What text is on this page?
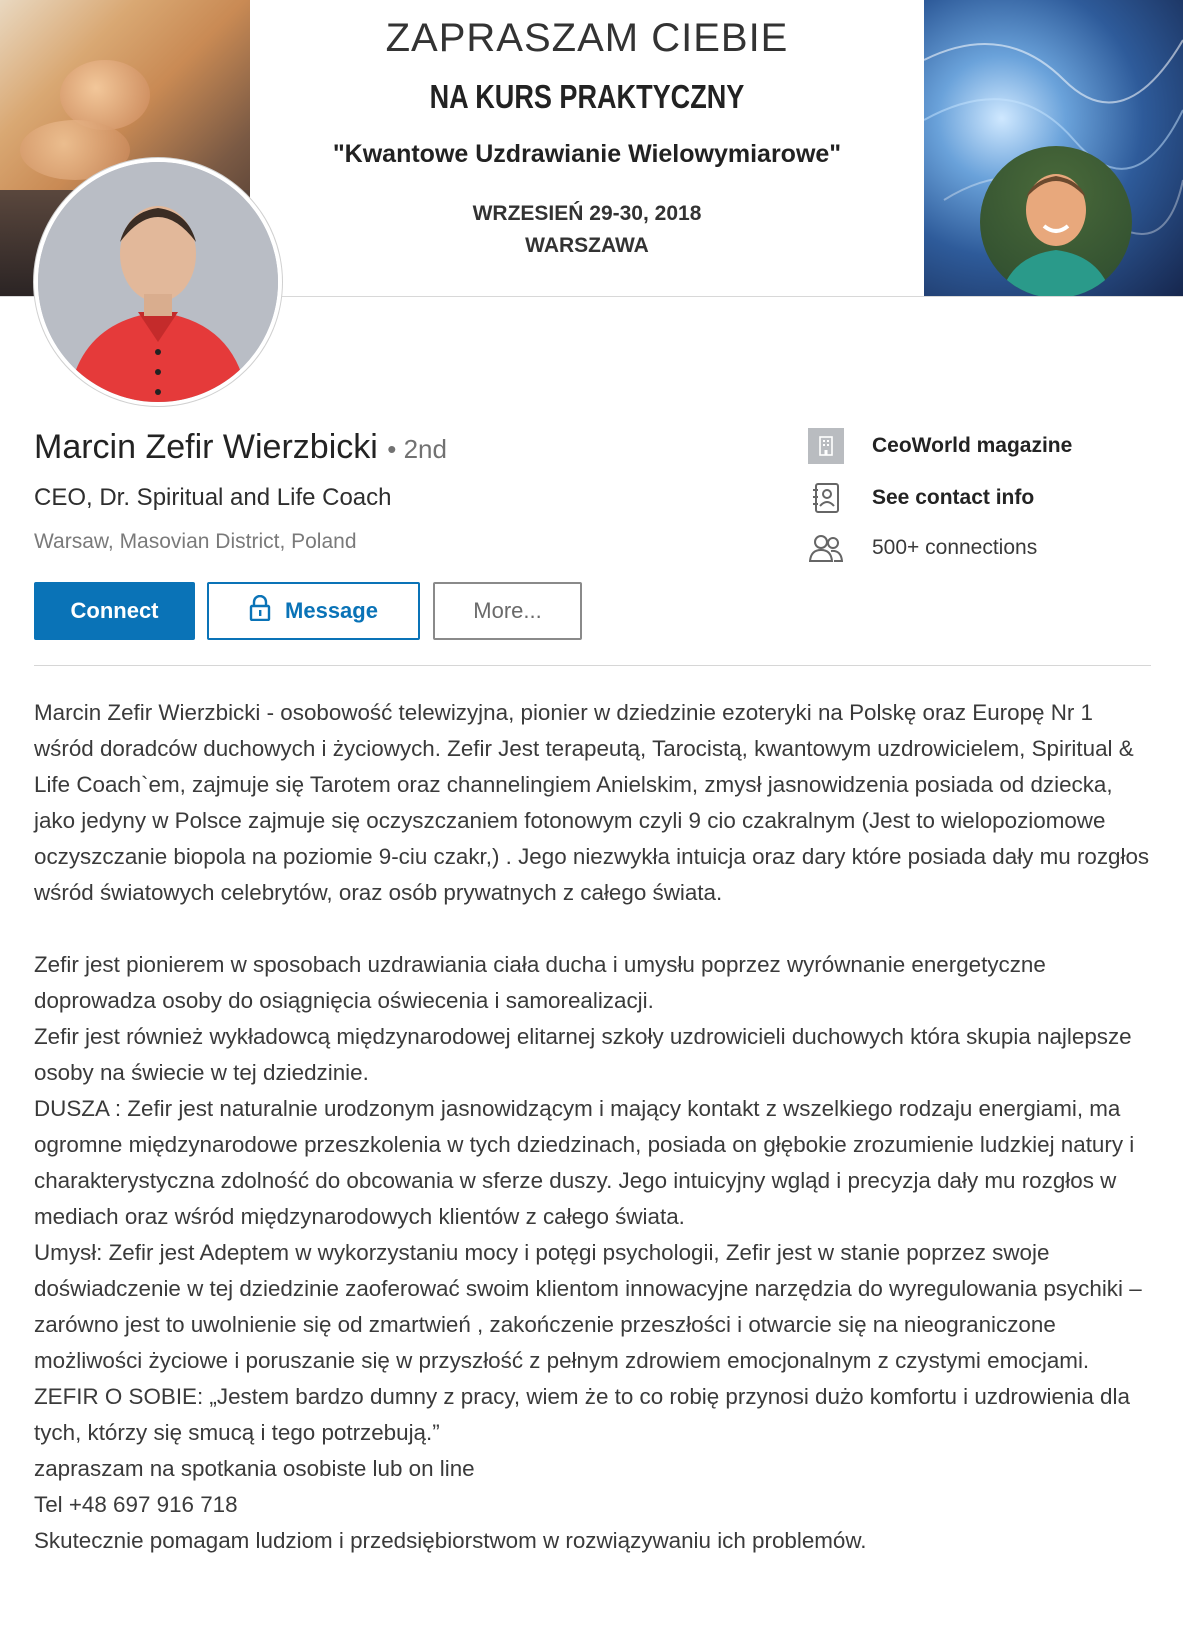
ZAPRASZAM CIEBIE
NA KURS PRAKTYCZNY
"Kwantowe Uzdrawianie Wielowymiarowe"
WRZESIEŃ 29-30, 2018
WARSZAWA
Marcin Zefir Wierzbicki • 2nd
CEO, Dr. Spiritual and Life Coach
Warsaw, Masovian District, Poland
Connect	Message	More...
CeoWorld magazine
See contact info
500+ connections

Marcin Zefir Wierzbicki - osobowość telewizyjna, pionier w dziedzinie ezoteryki na Polskę oraz Europę Nr 1 wśród doradców duchowych i życiowych. Zefir Jest terapeutą, Tarocistą, kwantowym uzdrowicielem, Spiritual & Life Coach`em, zajmuje się Tarotem oraz channelingiem Anielskim, zmysł jasnowidzenia posiada od dziecka, jako jedyny w Polsce zajmuje się oczyszczaniem fotonowym czyli 9 cio czakralnym (Jest to wielopoziomowe oczyszczanie biopola na poziomie 9-ciu czakr,) . Jego niezwykła intuicja oraz dary które posiada dały mu rozgłos wśród światowych celebrytów, oraz osób prywatnych z całego świata.

Zefir jest pionierem w sposobach uzdrawiania ciała ducha i umysłu poprzez wyrównanie energetyczne doprowadza osoby do osiągnięcia oświecenia i samorealizacji.

Zefir jest również wykładowcą międzynarodowej elitarnej szkoły uzdrowicieli duchowych która skupia najlepsze osoby na świecie w tej dziedzinie.

DUSZA : Zefir jest naturalnie urodzonym jasnowidzącym i mający kontakt z wszelkiego rodzaju energiami, ma ogromne międzynarodowe przeszkolenia w tych dziedzinach, posiada on głębokie zrozumienie ludzkiej natury i charakterystyczna zdolność do obcowania w sferze duszy. Jego intuicyjny wgląd i precyzja dały mu rozgłos w mediach oraz wśród międzynarodowych klientów z całego świata.

Umysł: Zefir jest Adeptem w wykorzystaniu mocy i potęgi psychologii, Zefir jest w stanie poprzez swoje doświadczenie w tej dziedzinie zaoferować swoim klientom innowacyjne narzędzia do wyregulowania psychiki – zarówno jest to uwolnienie się od zmartwień , zakończenie przeszłości i otwarcie się na nieograniczone możliwości życiowe i poruszanie się w przyszłość z pełnym zdrowiem emocjonalnym z czystymi emocjami.

ZEFIR O SOBIE: „Jestem bardzo dumny z pracy, wiem że to co robię przynosi dużo komfortu i uzdrowienia dla tych, którzy się smucą i tego potrzebują.”

zapraszam na spotkania osobiste lub on line

Tel +48 697 916 718

Skutecznie pomagam ludziom i przedsiębiorstwom w rozwiązywaniu ich problemów.
